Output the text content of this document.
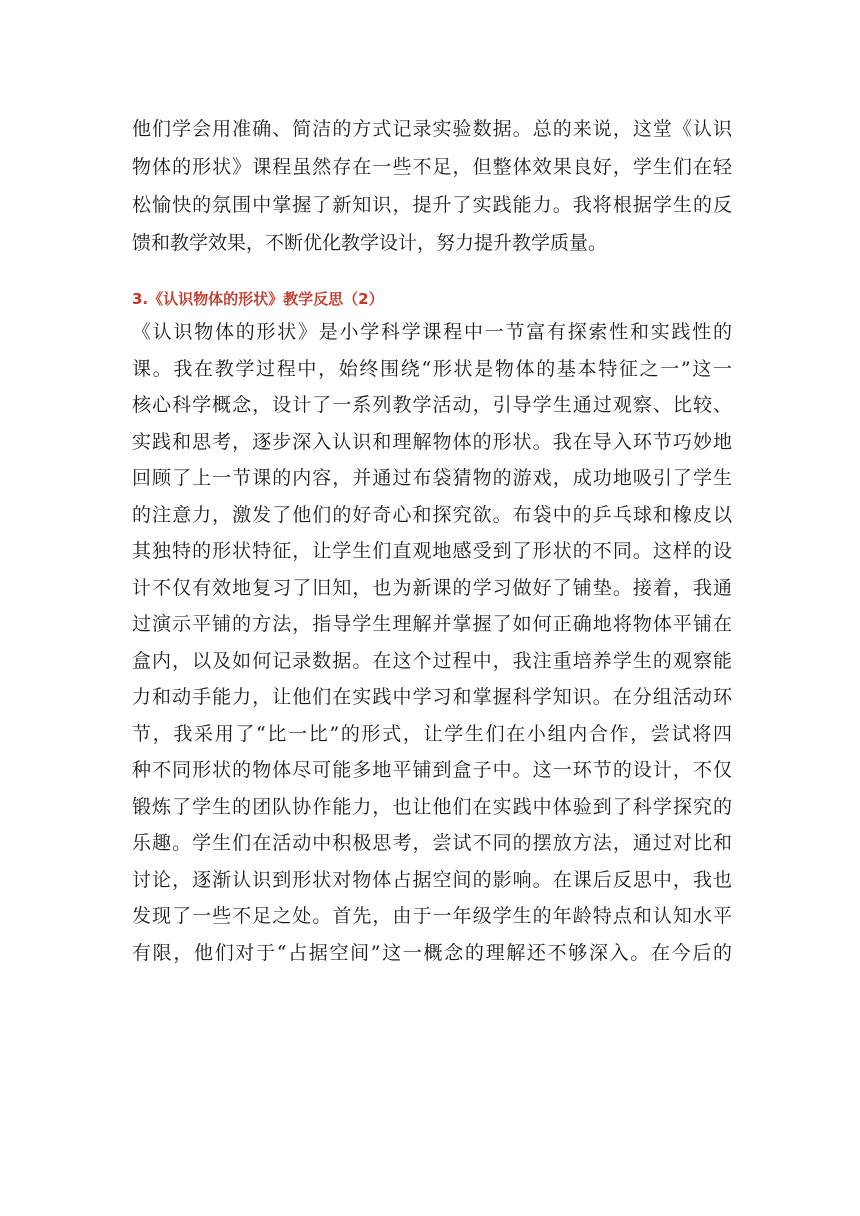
他们学会用准确、简洁的方式记录实验数据。总的来说，这堂《认识
物体的形状》课程虽然存在一些不足，但整体效果良好，学生们在轻
松愉快的氛围中掌握了新知识，提升了实践能力。我将根据学生的反
馈和教学效果，不断优化教学设计，努力提升教学质量。
3.《认识物体的形状》教学反思（2）
《认识物体的形状》是小学科学课程中一节富有探索性和实践性的
课。我在教学过程中，始终围绕“形状是物体的基本特征之一”这一
核心科学概念，设计了一系列教学活动，引导学生通过观察、比较、
实践和思考，逐步深入认识和理解物体的形状。我在导入环节巧妙地
回顾了上一节课的内容，并通过布袋猜物的游戏，成功地吸引了学生
的注意力，激发了他们的好奇心和探究欲。布袋中的乒乓球和橡皮以
其独特的形状特征，让学生们直观地感受到了形状的不同。这样的设
计不仅有效地复习了旧知，也为新课的学习做好了铺垫。接着，我通
过演示平铺的方法，指导学生理解并掌握了如何正确地将物体平铺在
盒内，以及如何记录数据。在这个过程中，我注重培养学生的观察能
力和动手能力，让他们在实践中学习和掌握科学知识。在分组活动环
节，我采用了“比一比”的形式，让学生们在小组内合作，尝试将四
种不同形状的物体尽可能多地平铺到盒子中。这一环节的设计，不仅
锻炼了学生的团队协作能力，也让他们在实践中体验到了科学探究的
乐趣。学生们在活动中积极思考，尝试不同的摆放方法，通过对比和
讨论，逐渐认识到形状对物体占据空间的影响。在课后反思中，我也
发现了一些不足之处。首先，由于一年级学生的年龄特点和认知水平
有限，他们对于“占据空间”这一概念的理解还不够深入。在今后的
